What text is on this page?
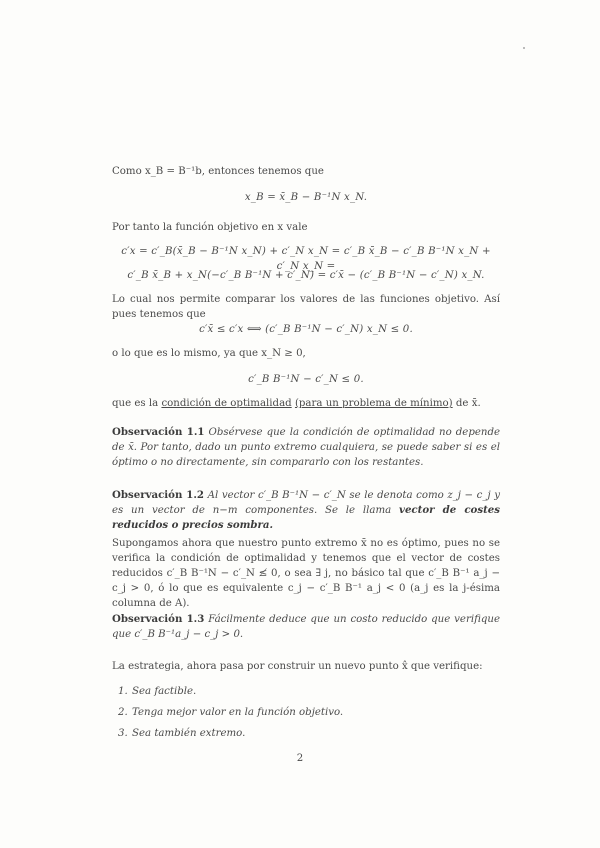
Como x_B = B⁻¹b, entonces tenemos que
x_B = x̄_B − B⁻¹N x_N.
Por tanto la función objetivo en x vale
c′x = c′_B(x̄_B − B⁻¹N x_N) + c′_N x_N = c′_B x̄_B − c′_B B⁻¹N x_N + c′_N x_N =
c′_B x̄_B + x_N(−c′_B B⁻¹N + c′_N) = c′x̄ − (c′_B B⁻¹N − c′_N) x_N.
Lo cual nos permite comparar los valores de las funciones objetivo. Así pues tenemos que
c′x̄ ≤ c′x ⟺ (c′_B B⁻¹N − c′_N) x_N ≤ 0.
o lo que es lo mismo, ya que x_N ≥ 0,
c′_B B⁻¹N − c′_N ≤ 0.
que es la condición de optimalidad (para un problema de mínimo) de x̄.
Observación 1.1 Obsérvese que la condición de optimalidad no depende de x̄. Por tanto, dado un punto extremo cualquiera, se puede saber si es el óptimo o no directamente, sin compararlo con los restantes.
Observación 1.2 Al vector c′_B B⁻¹N − c′_N se le denota como z_j − c_j y es un vector de n−m componentes. Se le llama vector de costes reducidos o precios sombra.
Supongamos ahora que nuestro punto extremo x̄ no es óptimo, pues no se verifica la condición de optimalidad y tenemos que el vector de costes reducidos c′_B B⁻¹N − c′_N ≰ 0, o sea ∃ j, no básico tal que c′_B B⁻¹ a_j − c_j > 0, ó lo que es equivalente c_j − c′_B B⁻¹ a_j < 0 (a_j es la j-ésima columna de A).
Observación 1.3 Fácilmente deduce que un costo reducido que verifique que c′_B B⁻¹a_j − c_j > 0.
La estrategia, ahora pasa por construir un nuevo punto x̂ que verifique:
1. Sea factible.
2. Tenga mejor valor en la función objetivo.
3. Sea también extremo.
2
